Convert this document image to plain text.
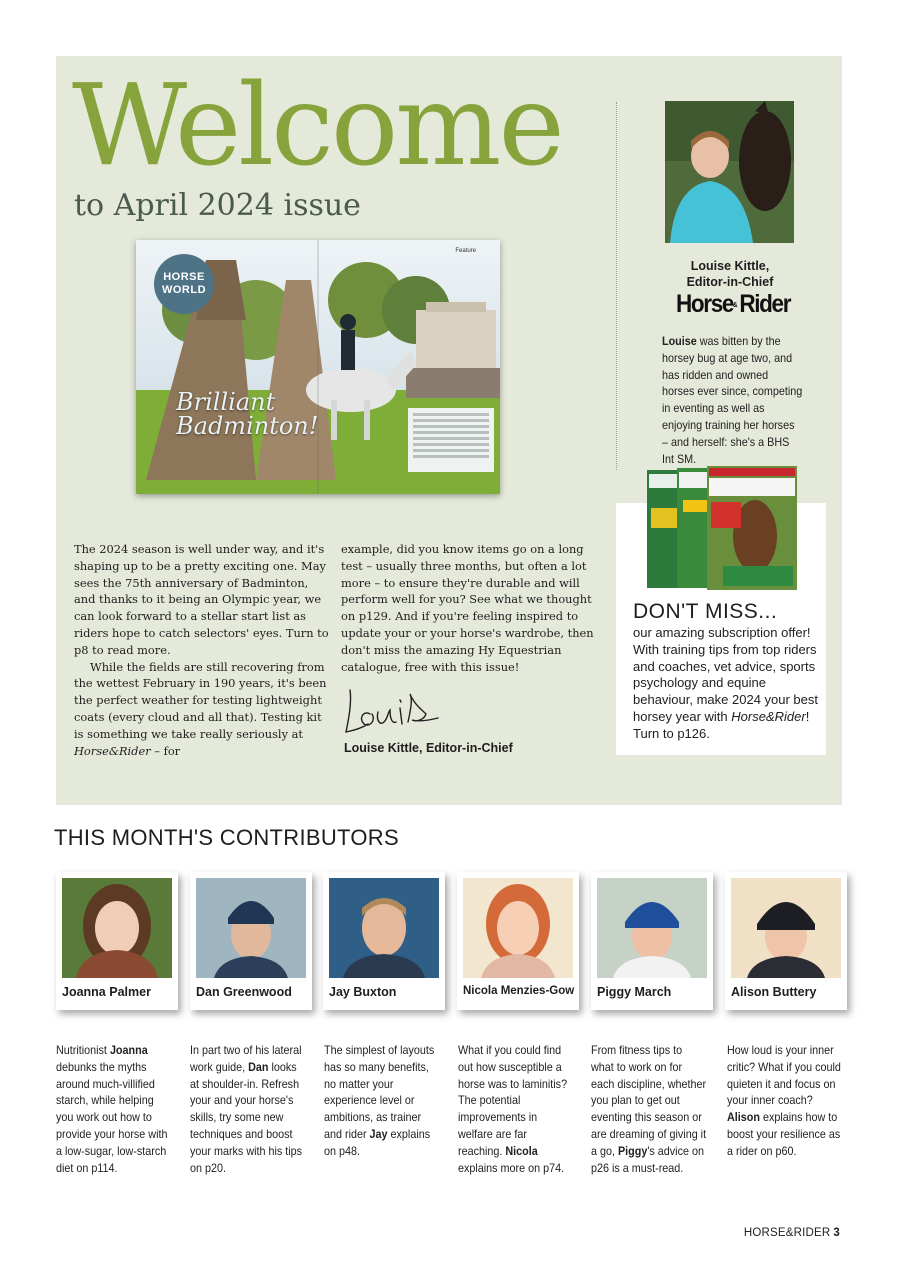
Welcome
to April 2024 issue
HORSE
WORLD
Feature
Brilliant
Badminton!
Louise Kittle,
Editor-in-Chief
Horse&Rider
Louise was bitten by the horsey bug at age two, and has ridden and owned horses ever since, competing in eventing as well as enjoying training her horses – and herself: she's a BHS Int SM.
DON'T MISS...
our amazing subscription offer! With training tips from top riders and coaches, vet advice, sports psychology and equine behaviour, make 2024 your best horsey year with Horse&Rider! Turn to p126.

The 2024 season is well under way, and it's shaping up to be a pretty exciting one. May sees the 75th anniversary of Badminton, and thanks to it being an Olympic year, we can look forward to a stellar start list as riders hope to catch selectors' eyes. Turn to p8 to read more.

While the fields are still recovering from the wettest February in 190 years, it's been the perfect weather for testing lightweight coats (every cloud and all that). Testing kit is something we take really seriously at Horse&Rider – for

example, did you know items go on a long test – usually three months, but often a lot more – to ensure they're durable and will perform well for you? See what we thought on p129. And if you're feeling inspired to update your or your horse's wardrobe, then don't miss the amazing Hy Equestrian catalogue, free with this issue!

Louise Kittle, Editor-in-Chief
THIS MONTH'S CONTRIBUTORS
Joanna Palmer	Dan Greenwood	Jay Buxton	Nicola Menzies-Gow	Piggy March	Alison Buttery
Nutritionist Joanna debunks the myths around much-villified starch, while helping you work out how to provide your horse with a low-sugar, low-starch diet on p114.
In part two of his lateral work guide, Dan looks at shoulder-in. Refresh your and your horse's skills, try some new techniques and boost your marks with his tips on p20.
The simplest of layouts has so many benefits, no matter your experience level or ambitions, as trainer and rider Jay explains on p48.
What if you could find out how susceptible a horse was to laminitis? The potential improvements in welfare are far reaching. Nicola explains more on p74.
From fitness tips to what to work on for each discipline, whether you plan to get out eventing this season or are dreaming of giving it a go, Piggy's advice on p26 is a must-read.
How loud is your inner critic? What if you could quieten it and focus on your inner coach? Alison explains how to boost your resilience as a rider on p60.
HORSE&RIDER 3
